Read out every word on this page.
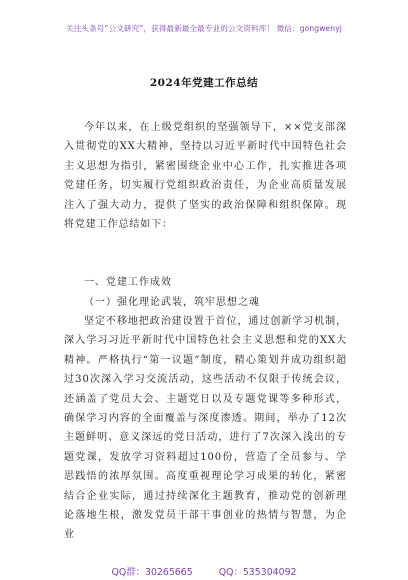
关注头条号“公文研究”，获得最新最全最专业的公文资料库！ 微信：gongwenyj
2024年党建工作总结

今年以来，在上级党组织的坚强领导下，××党支部深入贯彻党的XX大精神，坚持以习近平新时代中国特色社会主义思想为指引，紧密围绕企业中心工作，扎实推进各项党建任务，切实履行党组织政治责任，为企业高质量发展注入了强大动力，提供了坚实的政治保障和组织保障。现将党建工作总结如下：

一、党建工作成效

（一）强化理论武装，筑牢思想之魂

坚定不移地把政治建设置于首位，通过创新学习机制，深入学习习近平新时代中国特色社会主义思想和党的XX大精神。严格执行“第一议题”制度，精心策划并成功组织超过30次深入学习交流活动，这些活动不仅限于传统会议，还涵盖了党员大会、主题党日以及专题党课等多种形式，确保学习内容的全面覆盖与深度渗透。期间，举办了12次主题鲜明、意义深远的党日活动，进行了7次深入浅出的专题党课，发放学习资料超过100份，营造了全员参与、学思践悟的浓厚氛围。高度重视理论学习成果的转化，紧密结合企业实际，通过持续深化主题教育，推动党的创新理论落地生根，激发党员干部干事创业的热情与智慧，为企业

QQ群：30265665	QQ：535304092
